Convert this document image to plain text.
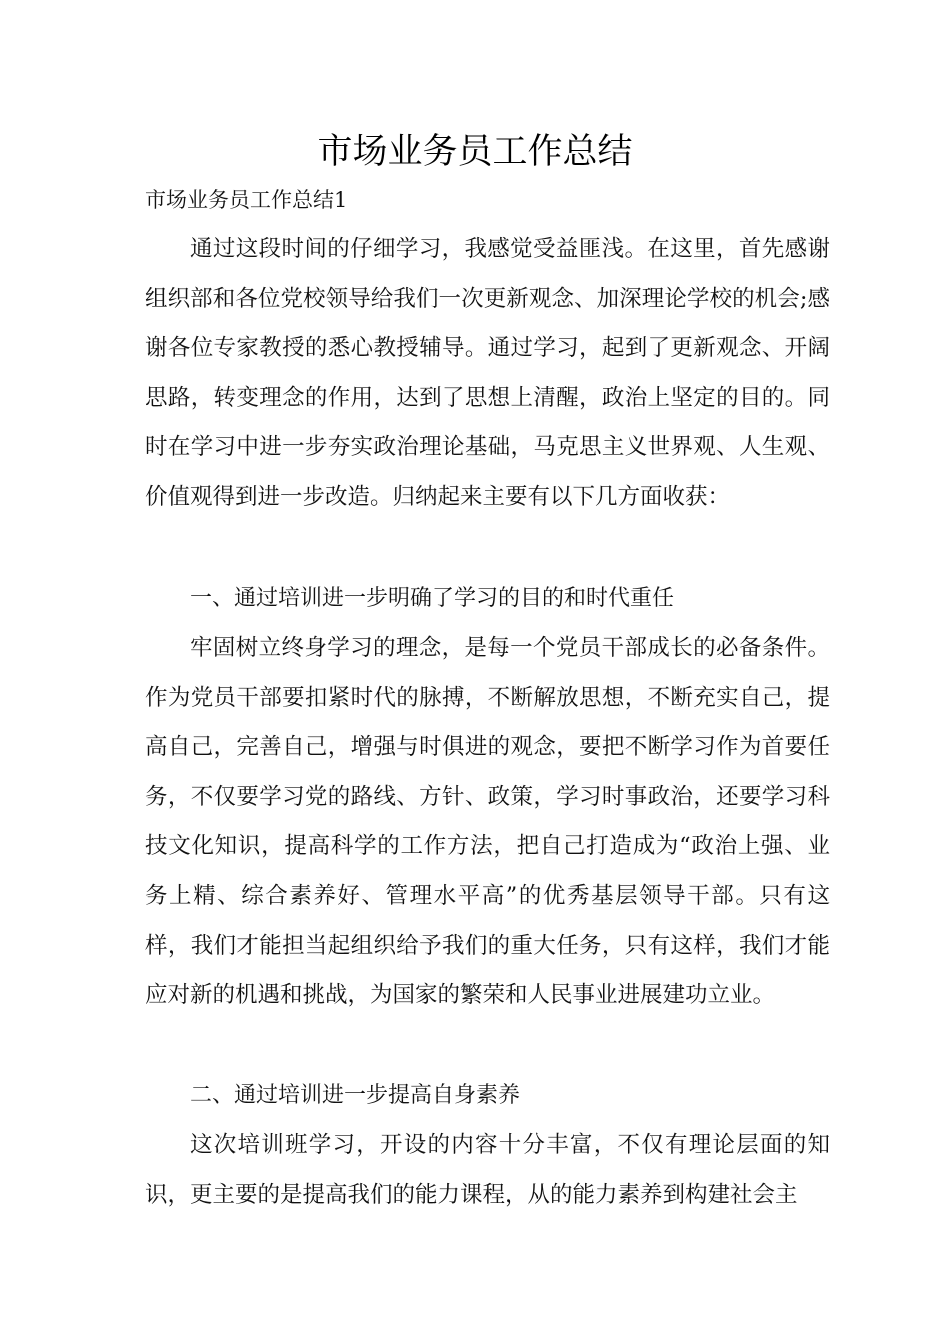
市场业务员工作总结

市场业务员工作总结1

通过这段时间的仔细学习，我感觉受益匪浅。在这里，首先感谢组织部和各位党校领导给我们一次更新观念、加深理论学校的机会;感谢各位专家教授的悉心教授辅导。通过学习，起到了更新观念、开阔思路，转变理念的作用，达到了思想上清醒，政治上坚定的目的。同时在学习中进一步夯实政治理论基础，马克思主义世界观、人生观、价值观得到进一步改造。归纳起来主要有以下几方面收获：

一、通过培训进一步明确了学习的目的和时代重任

牢固树立终身学习的理念，是每一个党员干部成长的必备条件。作为党员干部要扣紧时代的脉搏，不断解放思想，不断充实自己，提高自己，完善自己，增强与时俱进的观念，要把不断学习作为首要任务，不仅要学习党的路线、方针、政策，学习时事政治，还要学习科技文化知识，提高科学的工作方法，把自己打造成为“政治上强、业务上精、综合素养好、管理水平高”的优秀基层领导干部。只有这样，我们才能担当起组织给予我们的重大任务，只有这样，我们才能应对新的机遇和挑战，为国家的繁荣和人民事业进展建功立业。

二、通过培训进一步提高自身素养

这次培训班学习，开设的内容十分丰富，不仅有理论层面的知识，更主要的是提高我们的能力课程，从的能力素养到构建社会主
